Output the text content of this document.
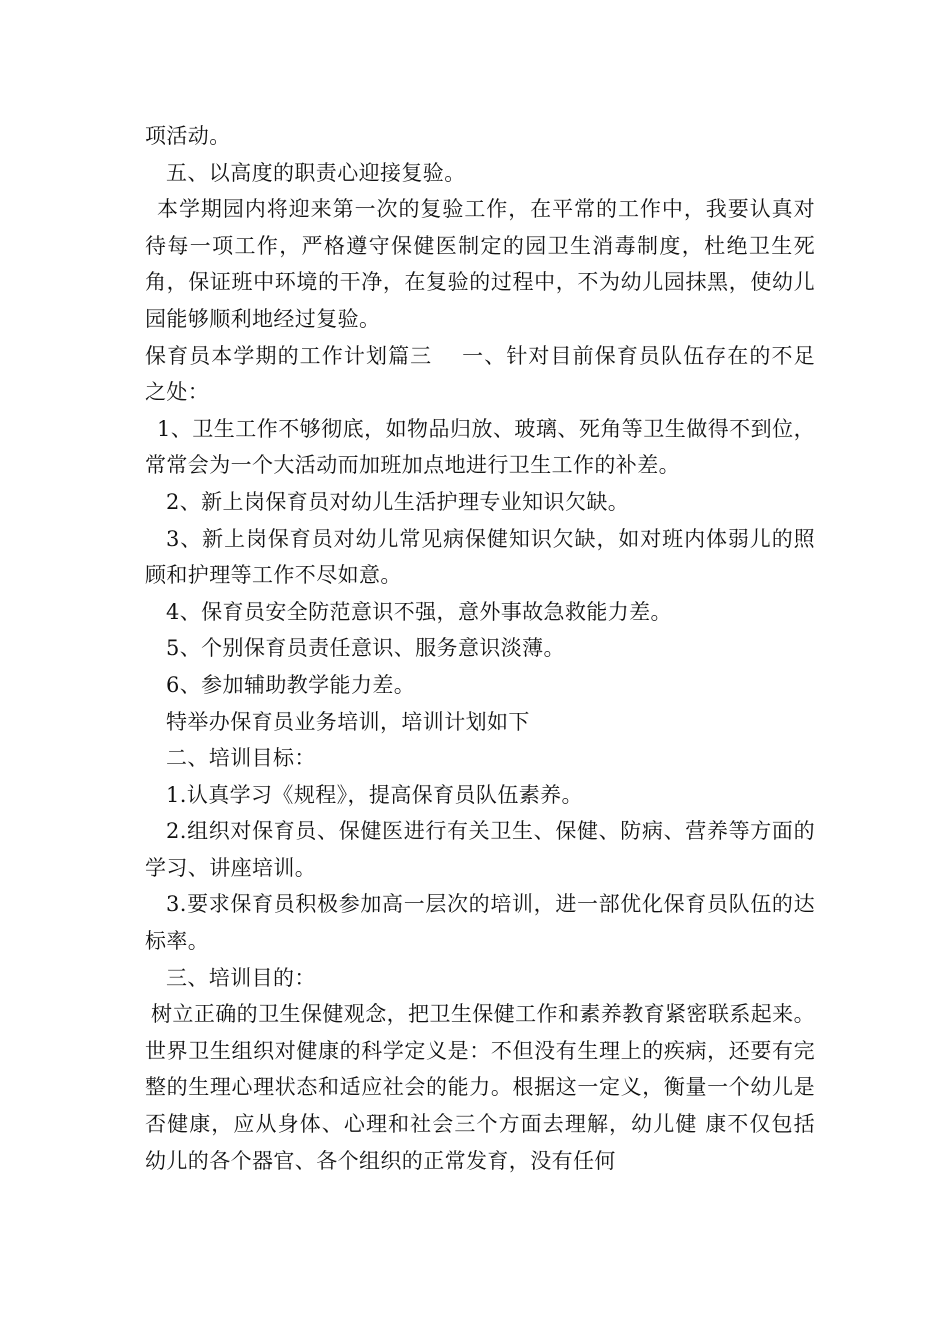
项活动。

五、以高度的职责心迎接复验。

本学期园内将迎来第一次的复验工作，在平常的工作中，我要认真对待每一项工作，严格遵守保健医制定的园卫生消毒制度，杜绝卫生死角，保证班中环境的干净，在复验的过程中，不为幼儿园抹黑，使幼儿园能够顺利地经过复验。

保育员本学期的工作计划篇三　 一、针对目前保育员队伍存在的不足之处：

1、卫生工作不够彻底，如物品归放、玻璃、死角等卫生做得不到位，常常会为一个大活动而加班加点地进行卫生工作的补差。

2、新上岗保育员对幼儿生活护理专业知识欠缺。

3、新上岗保育员对幼儿常见病保健知识欠缺，如对班内体弱儿的照顾和护理等工作不尽如意。

4、保育员安全防范意识不强，意外事故急救能力差。

5、个别保育员责任意识、服务意识淡薄。

6、参加辅助教学能力差。

特举办保育员业务培训，培训计划如下

二、培训目标：

1.认真学习《规程》，提高保育员队伍素养。

2.组织对保育员、保健医进行有关卫生、保健、防病、营养等方面的学习、讲座培训。

3.要求保育员积极参加高一层次的培训，进一部优化保育员队伍的达标率。

三、培训目的：

树立正确的卫生保健观念，把卫生保健工作和素养教育紧密联系起来。世界卫生组织对健康的科学定义是：不但没有生理上的疾病，还要有完整的生理心理状态和适应社会的能力。根据这一定义，衡量一个幼儿是否健康，应从身体、心理和社会三个方面去理解，幼儿健 康不仅包括幼儿的各个器官、各个组织的正常发育，没有任何
